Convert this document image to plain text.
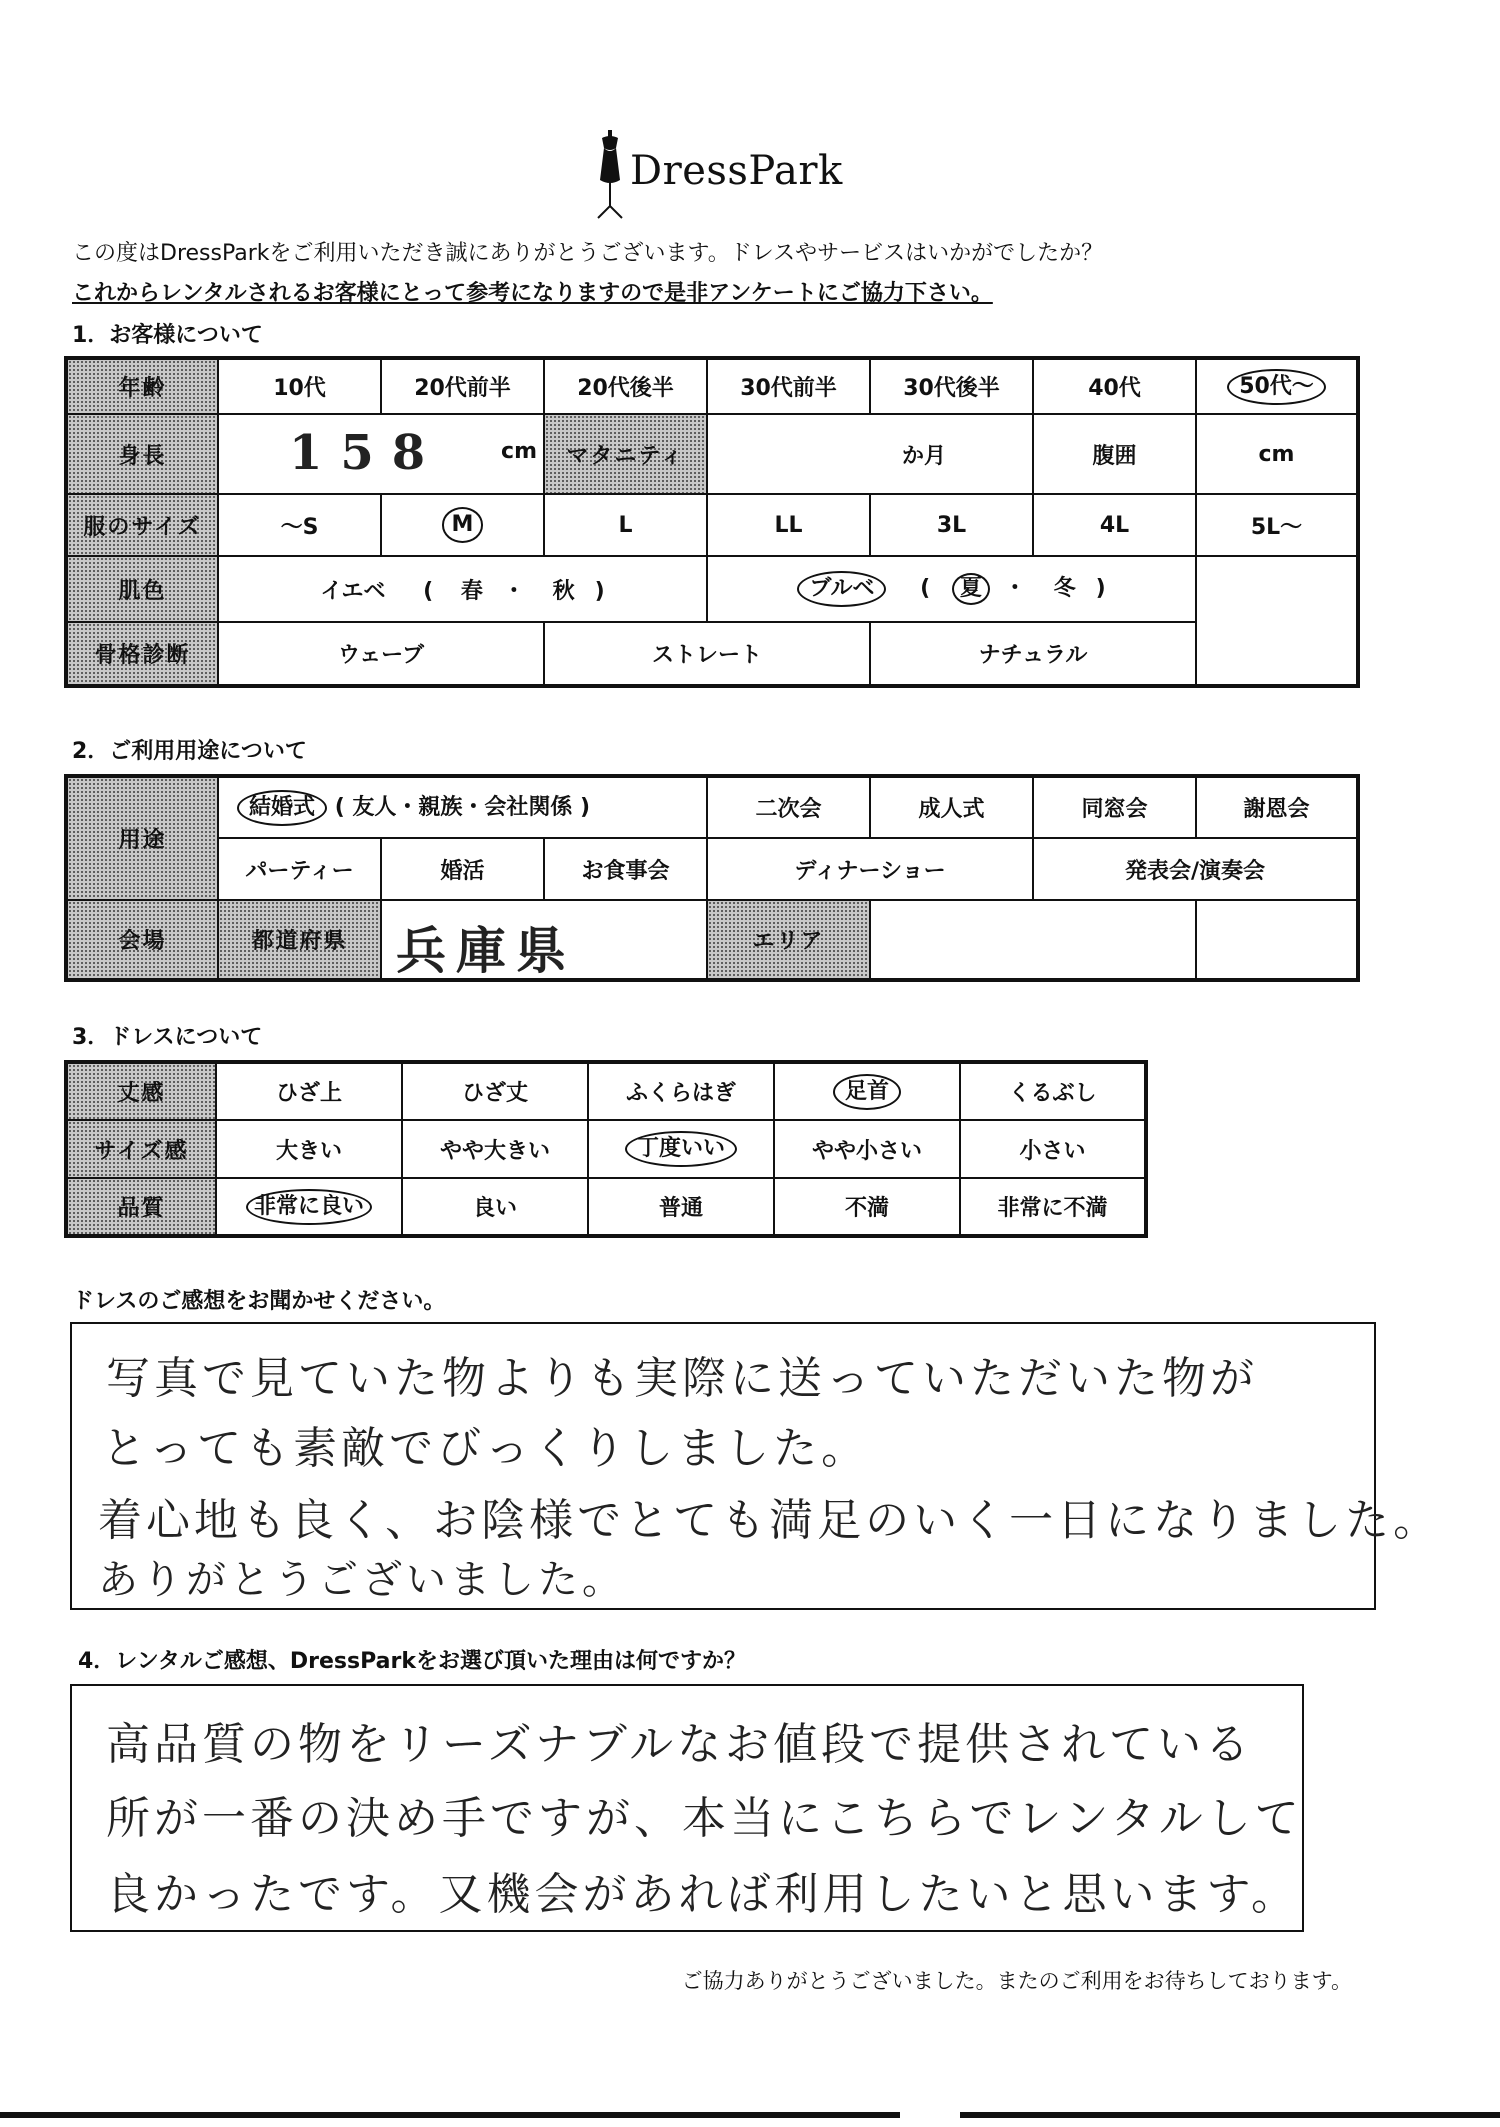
DressPark
この度はDressParkをご利用いただき誠にありがとうございます。ドレスやサービスはいかがでしたか？
これからレンタルされるお客様にとって参考になりますので是非アンケートにご協力下さい。
1．お客様について
年齢	10代	20代前半	20代後半	30代前半	30代後半	40代	50代～
身長	158 cm		マタニティ	か月		腹囲	cm
服のサイズ	～S	M	L	LL	3L	4L	5L～
肌色	イエベ ( 春 ・ 秋 )			ブルベ ( 夏 ・ 冬 )			
骨格診断	ウェーブ		ストレート		ナチュラル		
2．ご利用用途について
用途	結婚式 ( 友人・親族・会社関係 )			二次会	成人式	同窓会	謝恩会
	パーティー	婚活	お食事会	ディナーショー		発表会/演奏会	
会場	都道府県	兵庫県		エリア			
3．ドレスについて
丈感	ひざ上	ひざ丈	ふくらはぎ	足首	くるぶし
サイズ感	大きい	やや大きい	丁度いい	やや小さい	小さい
品質	非常に良い	良い	普通	不満	非常に不満
ドレスのご感想をお聞かせください。
写真で見ていた物よりも実際に送っていただいた物が
とっても素敵でびっくりしました。
着心地も良く、お陰様でとても満足のいく一日になりました。
ありがとうございました。
4．レンタルご感想、DressParkをお選び頂いた理由は何ですか？
高品質の物をリーズナブルなお値段で提供されている
所が一番の決め手ですが、本当にこちらでレンタルして
良かったです。又機会があれば利用したいと思います。
ご協力ありがとうございました。またのご利用をお待ちしております。
